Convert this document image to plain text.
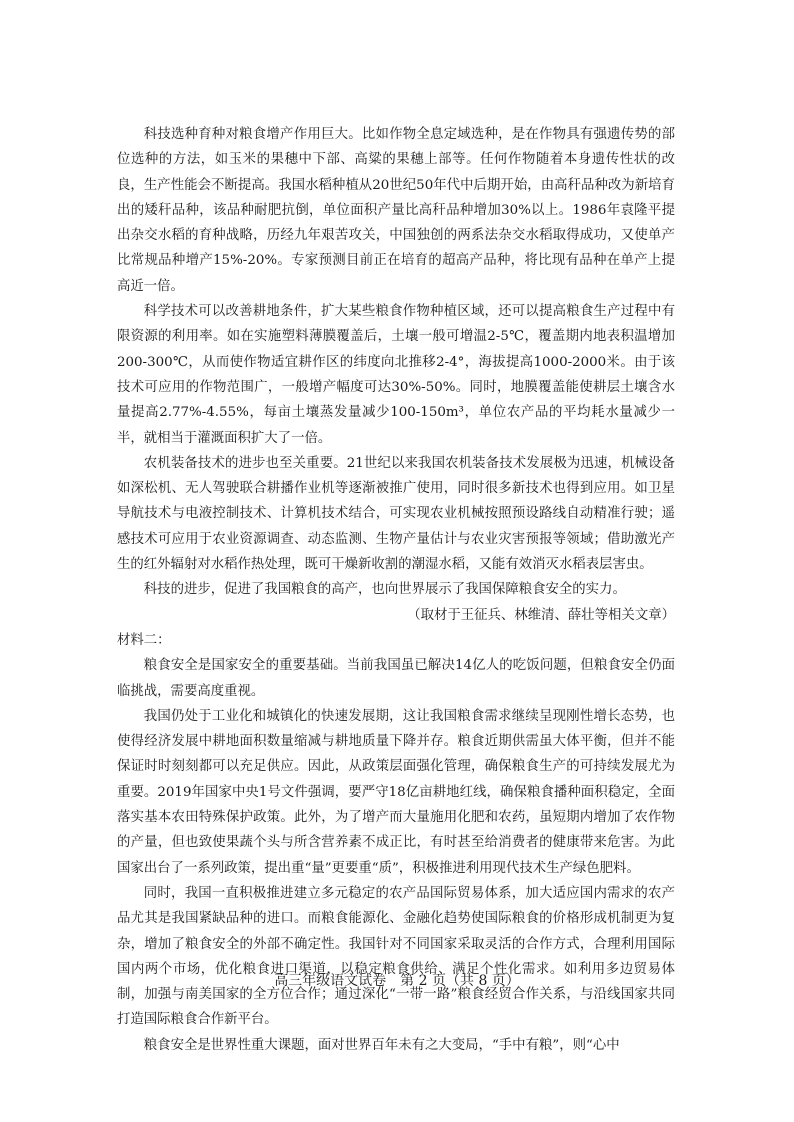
科技选种育种对粮食增产作用巨大。比如作物全息定域选种，是在作物具有强遗传势的部位选种的方法，如玉米的果穗中下部、高粱的果穗上部等。任何作物随着本身遗传性状的改良，生产性能会不断提高。我国水稻种植从20世纪50年代中后期开始，由高秆品种改为新培育出的矮秆品种，该品种耐肥抗倒，单位面积产量比高秆品种增加30%以上。1986年袁隆平提出杂交水稻的育种战略，历经九年艰苦攻关，中国独创的两系法杂交水稻取得成功，又使单产比常规品种增产15%-20%。专家预测目前正在培育的超高产品种，将比现有品种在单产上提高近一倍。

科学技术可以改善耕地条件，扩大某些粮食作物种植区域，还可以提高粮食生产过程中有限资源的利用率。如在实施塑料薄膜覆盖后，土壤一般可增温2-5℃，覆盖期内地表积温增加200-300℃，从而使作物适宜耕作区的纬度向北推移2-4°，海拔提高1000-2000米。由于该技术可应用的作物范围广，一般增产幅度可达30%-50%。同时，地膜覆盖能使耕层土壤含水量提高2.77%-4.55%，每亩土壤蒸发量减少100-150m³，单位农产品的平均耗水量减少一半，就相当于灌溉面积扩大了一倍。

农机装备技术的进步也至关重要。21世纪以来我国农机装备技术发展极为迅速，机械设备如深松机、无人驾驶联合耕播作业机等逐渐被推广使用，同时很多新技术也得到应用。如卫星导航技术与电液控制技术、计算机技术结合，可实现农业机械按照预设路线自动精准行驶；遥感技术可应用于农业资源调查、动态监测、生物产量估计与农业灾害预报等领域；借助激光产生的红外辐射对水稻作热处理，既可干燥新收割的潮湿水稻，又能有效消灭水稻表层害虫。

科技的进步，促进了我国粮食的高产，也向世界展示了我国保障粮食安全的实力。

（取材于王征兵、林维清、薛壮等相关文章）

材料二：

粮食安全是国家安全的重要基础。当前我国虽已解决14亿人的吃饭问题，但粮食安全仍面临挑战，需要高度重视。

我国仍处于工业化和城镇化的快速发展期，这让我国粮食需求继续呈现刚性增长态势，也使得经济发展中耕地面积数量缩减与耕地质量下降并存。粮食近期供需虽大体平衡，但并不能保证时时刻刻都可以充足供应。因此，从政策层面强化管理，确保粮食生产的可持续发展尤为重要。2019年国家中央1号文件强调，要严守18亿亩耕地红线，确保粮食播种面积稳定，全面落实基本农田特殊保护政策。此外，为了增产而大量施用化肥和农药，虽短期内增加了农作物的产量，但也致使果蔬个头与所含营养素不成正比，有时甚至给消费者的健康带来危害。为此国家出台了一系列政策，提出重“量”更要重“质”，积极推进利用现代技术生产绿色肥料。

同时，我国一直积极推进建立多元稳定的农产品国际贸易体系，加大适应国内需求的农产品尤其是我国紧缺品种的进口。而粮食能源化、金融化趋势使国际粮食的价格形成机制更为复杂，增加了粮食安全的外部不确定性。我国针对不同国家采取灵活的合作方式，合理利用国际国内两个市场，优化粮食进口渠道，以稳定粮食供给、满足个性化需求。如利用多边贸易体制，加强与南美国家的全方位合作；通过深化“一带一路”粮食经贸合作关系，与沿线国家共同打造国际粮食合作新平台。

粮食安全是世界性重大课题，面对世界百年未有之大变局，“手中有粮”，则“心中

高三年级语文试卷　第 2 页（共 8 页）
